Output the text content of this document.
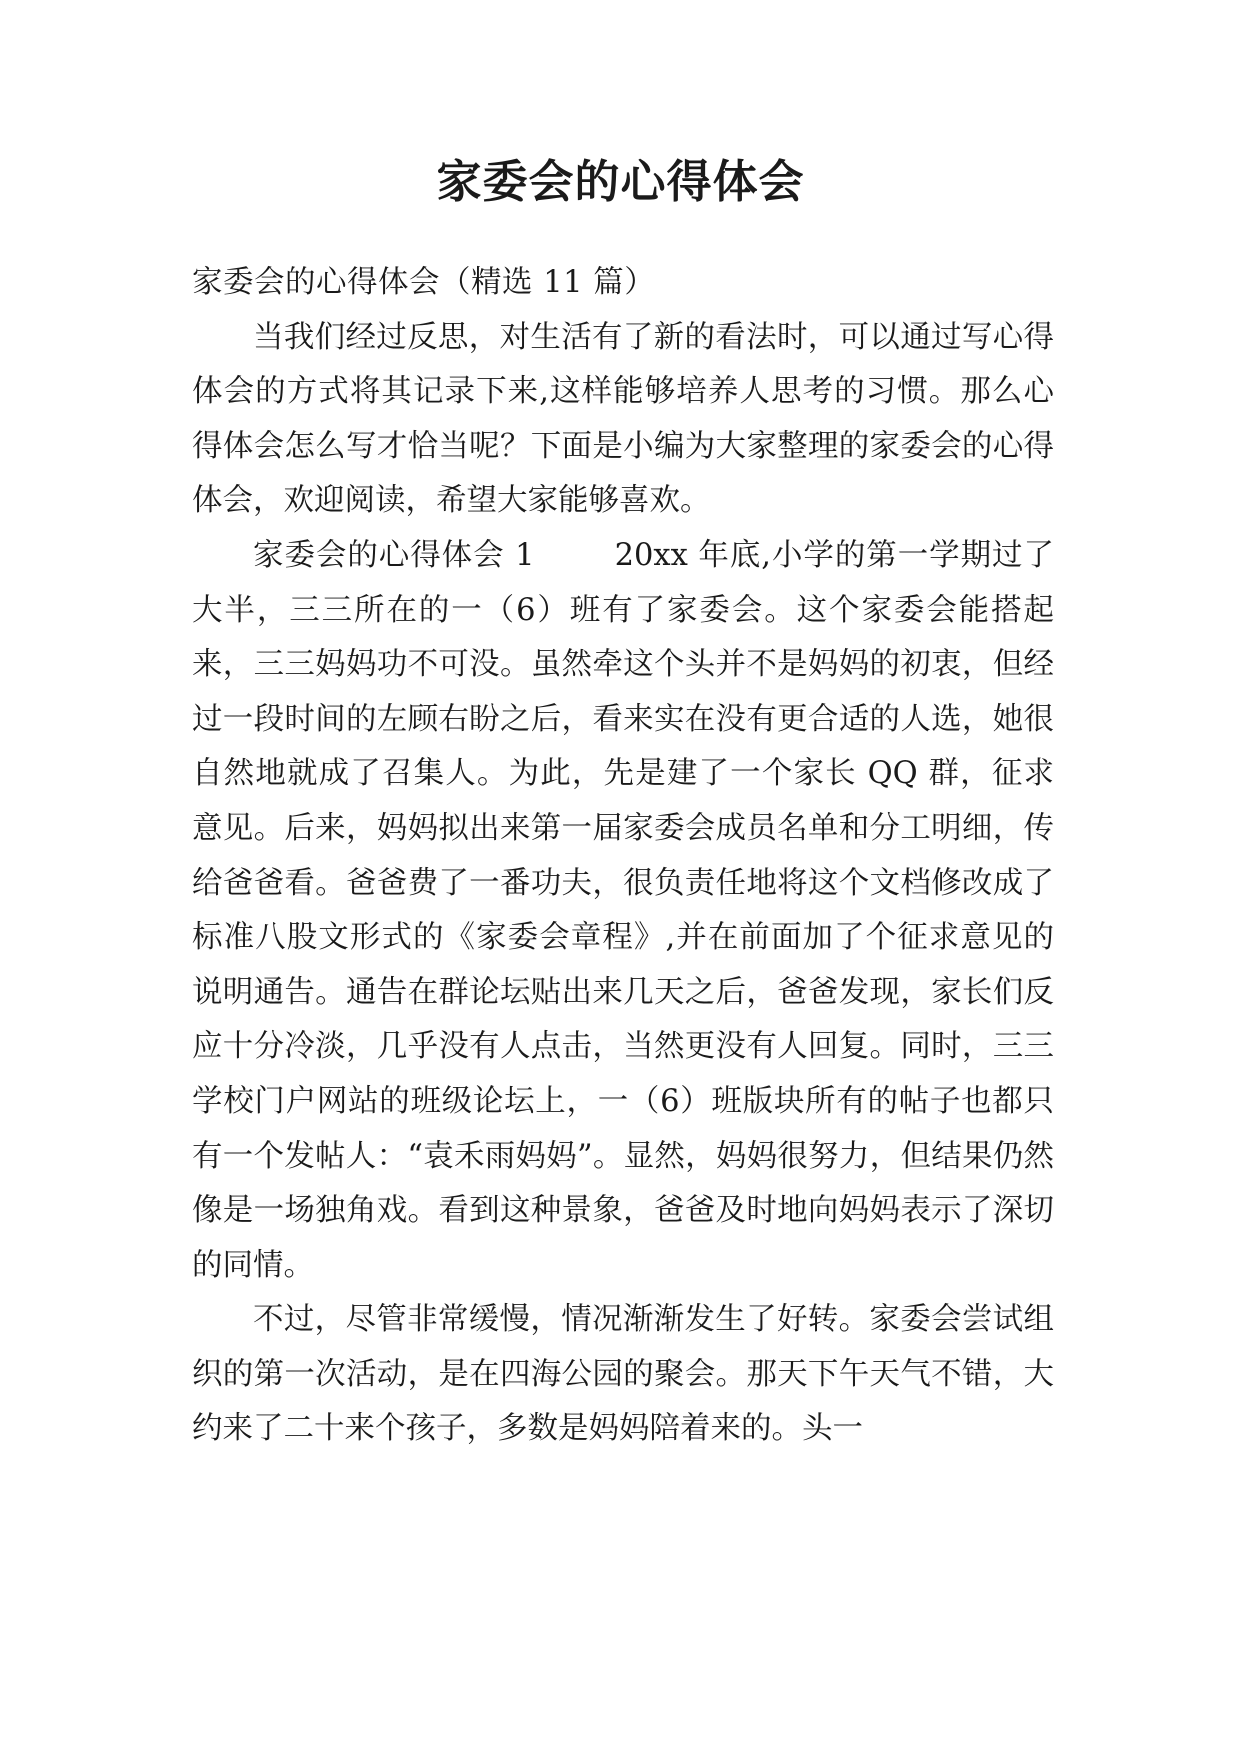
家委会的心得体会

家委会的心得体会（精选 11 篇）

当我们经过反思，对生活有了新的看法时，可以通过写心得体会的方式将其记录下来,这样能够培养人思考的习惯。那么心得体会怎么写才恰当呢？下面是小编为大家整理的家委会的心得体会，欢迎阅读，希望大家能够喜欢。

家委会的心得体会 1	20xx 年底,小学的第一学期过了大半，三三所在的一（6）班有了家委会。这个家委会能搭起来，三三妈妈功不可没。虽然牵这个头并不是妈妈的初衷，但经过一段时间的左顾右盼之后，看来实在没有更合适的人选，她很自然地就成了召集人。为此，先是建了一个家长 QQ 群，征求意见。后来，妈妈拟出来第一届家委会成员名单和分工明细，传给爸爸看。爸爸费了一番功夫，很负责任地将这个文档修改成了标准八股文形式的《家委会章程》,并在前面加了个征求意见的说明通告。通告在群论坛贴出来几天之后，爸爸发现，家长们反应十分冷淡，几乎没有人点击，当然更没有人回复。同时，三三学校门户网站的班级论坛上，一（6）班版块所有的帖子也都只有一个发帖人：“袁禾雨妈妈”。显然，妈妈很努力，但结果仍然像是一场独角戏。看到这种景象，爸爸及时地向妈妈表示了深切的同情。

不过，尽管非常缓慢，情况渐渐发生了好转。家委会尝试组织的第一次活动，是在四海公园的聚会。那天下午天气不错，大约来了二十来个孩子，多数是妈妈陪着来的。头一
